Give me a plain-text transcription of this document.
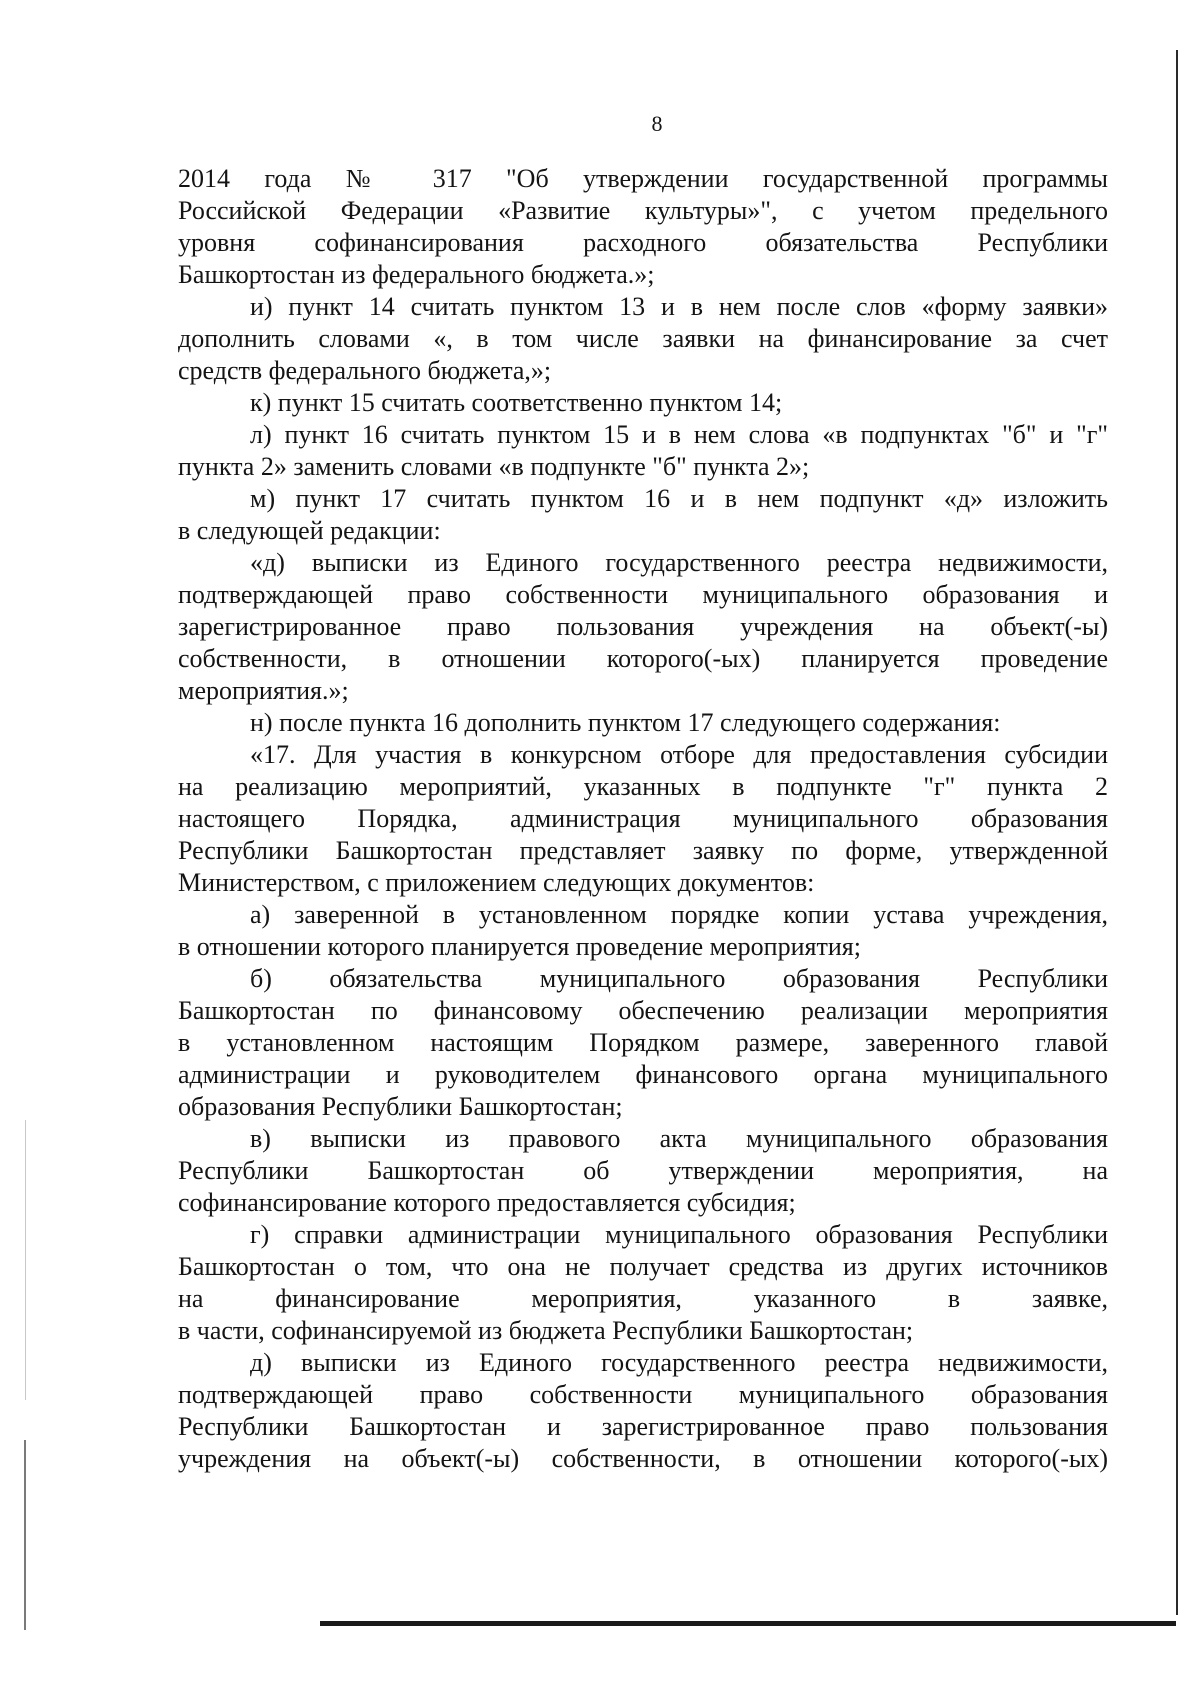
8
2014 года № 317 "Об утверждении государственной программы
Российской Федерации «Развитие культуры»", с учетом предельного
уровня софинансирования расходного обязательства Республики
Башкортостан из федерального бюджета.»;
и) пункт 14 считать пунктом 13 и в нем после слов «форму заявки»
дополнить словами «, в том числе заявки на финансирование за счет
средств федерального бюджета,»;
к) пункт 15 считать соответственно пунктом 14;
л) пункт 16 считать пунктом 15 и в нем слова «в подпунктах "б" и "г"
пункта 2» заменить словами «в подпункте "б" пункта 2»;
м) пункт 17 считать пунктом 16 и в нем подпункт «д» изложить
в следующей редакции:
«д) выписки из Единого государственного реестра недвижимости,
подтверждающей право собственности муниципального образования и
зарегистрированное право пользования учреждения на объект(-ы)
собственности, в отношении которого(-ых) планируется проведение
мероприятия.»;
н) после пункта 16 дополнить пунктом 17 следующего содержания:
«17. Для участия в конкурсном отборе для предоставления субсидии
на реализацию мероприятий, указанных в подпункте "г" пункта 2
настоящего Порядка, администрация муниципального образования
Республики Башкортостан представляет заявку по форме, утвержденной
Министерством, с приложением следующих документов:
а) заверенной в установленном порядке копии устава учреждения,
в отношении которого планируется проведение мероприятия;
б) обязательства муниципального образования Республики
Башкортостан по финансовому обеспечению реализации мероприятия
в установленном настоящим Порядком размере, заверенного главой
администрации и руководителем финансового органа муниципального
образования Республики Башкортостан;
в) выписки из правового акта муниципального образования
Республики Башкортостан об утверждении мероприятия, на
софинансирование которого предоставляется субсидия;
г) справки администрации муниципального образования Республики
Башкортостан о том, что она не получает средства из других источников
на финансирование мероприятия, указанного в заявке,
в части, софинансируемой из бюджета Республики Башкортостан;
д) выписки из Единого государственного реестра недвижимости,
подтверждающей право собственности муниципального образования
Республики Башкортостан и зарегистрированное право пользования
учреждения на объект(-ы) собственности, в отношении которого(-ых)
